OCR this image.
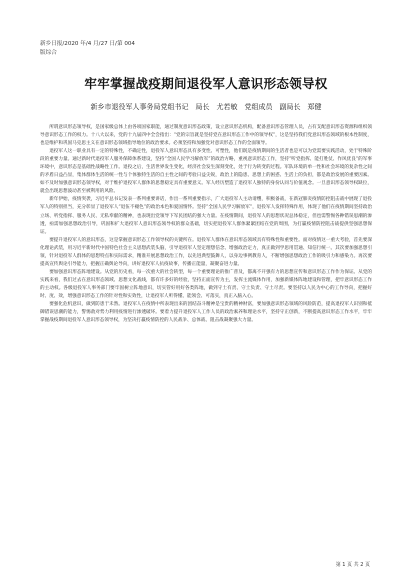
新乡日报/2020 年/4 月/27 日/第 004
版综合
牢牢掌握战疫期间退役军人意识形态领导权
新乡市退役军人事务局党组书记　局长　尤若敏　党组成员　副局长　郑健

所谓意识形态领导权，是国家级总体上由各项国家职能，通过制度意识形态政策，设立意识形态机构，配备意识形态管理人员，占有支配意识形态资源和组织领导意识形态工作的权力。十八大以来，党的十九届四中全会指出：“党的宗旨就是坚持党在意识形态工作中的领导权”，这是坚持我们党意识形态领域的根本性制度，也是维护和巩固马克思主义在意识形态领域指导地位的政治要求。必须坚持和加强党对意识形态工作的全面领导。

退役军人这一职业具有一定的特殊性，不确定性，退役军人意识形态具有多变性、可塑性，他们既是疫情期间的生活者也是可以为党需要实践活动，处于特殊阶段的重要力量。通过新时代退役军人服务保障体系建设，坚持“全国人民学习解放军”的政治方略，重视意识形态工作，坚持“听党指挥、能打胜仗、作风优良”的军事环境中，意识形态是基础性战略性工作。退役之后，生活世界发生变化，经济社会发生深刻变化，处于行为转变的过程。军队环境的单一性和社会环境的复杂性之间的矛盾日益凸显，集体群体生活的统一性与个体独特生活的自主性之间的考验日益尖锐，政治上的隐患、思想上的困惑、生活上的负担，都是政治发展的重要因素。如不及时加强意识形态领导权，对于维护退役军人群体的思想稳定具有重要意义。军人经历塑造了退役军人独特的身份认同与价值观念。一旦意识形态领导权缺位，就会出现思想波动甚至被利用的风险。

新年伊始，疫情突袭，习近平总书记发表一系列重要讲话，作出一系列重要指示，广大退役军人主动请缨，积极备战，在新冠肺炎疫情防控阻击战中展现了退役军人的特别担当，充分彰显了退役军人“退伍不褪色”的政治本色和爱国情怀。坚持“全国人民学习解放军”，退役军人发挥特殊作用，体现了他们在疫情期间坚持政治立场、听党指挥、服务人民、无私奉献的精神，也表现出党领导下军民团结的强大力量。在疫情期间，退役军人的思想状况总体稳定，但也需警惕各种错误思潮的渗透，亟需加强思想政治引导，巩固和扩大退役军人意识形态领导权的群众基础，切实把退役军人群体紧紧团结在党的周围，为打赢疫情防控阻击战提供坚强思想保证。

要提升退役军人的意识形态，这是掌握意识形态工作领导权的关键所在。退役军人群体在意识形态领域具有特殊性和重要性。面对疫情这一重大考验，首先要深化理论武装，用习近平新时代中国特色社会主义思想武装头脑，引导退役军人坚定理想信念、增强政治定力，真正做到学思用贯通、知信行统一。其次要加强思想引领，针对退役军人群体的思想特点和实际需求，精准开展思想政治工作，以先进典型鼓舞人，以身边事例教育人，不断增强思想政治工作的吸引力和感染力。再次要提高宣传舆论引导能力，把握正确舆论导向，讲好退役军人抗疫故事，传播正能量，凝聚奋进力量。

要加强意识形态阵地建设。从党的历史看，每一次重大的社会转型，每一个重要理论的推广普及，都离不开强有力的思想宣传和意识形态工作作为保证。从党的实践来看，我们过去在意识形态领域、思想文化战线，都有许多好的经验，坚持正面宣传为主，发挥主流媒体作用，加强新媒体阵地建设和管理，把牢意识形态工作的主动权。各级退役军人事务部门要牢固树立阵地意识，切实管好用好各类阵地，做到守土有责、守土负责、守土尽责。要坚持以人民为中心的工作导向，把握好时、度、效，增强意识形态工作的针对性和实效性，让退役军人听得懂、能领会、可落实，真正入脑入心。

要强化危机意识，做到防患于未然。退役军人在疫情中所表现出来的团结奋斗精神是宝贵的精神财富，要加强意识形态领域的风险防范，提高退役军人识别和抵御错误思潮的能力，警惕敌对势力利用疫情进行渗透破坏。要着力提升退役军人工作人员的政治素养和理论水平，坚持守正创新，不断提高意识形态工作水平，牢牢掌握战疫期间退役军人意识形态领导权，为坚决打赢疫情防控的人民战争、总体战、阻击战凝聚强大力量。

第 1 页 共 2 页
